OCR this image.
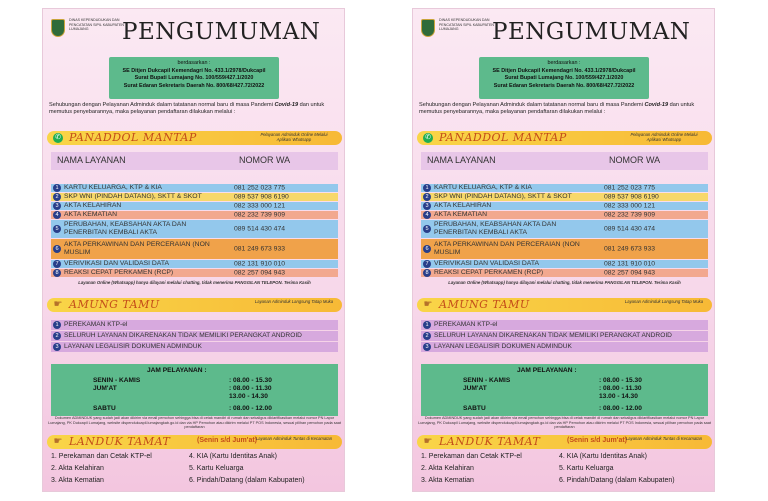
DINAS KEPENDUDUKAN DAN PENCATATAN SIPIL KABUPATEN LUMAJANG	PENGUMUMAN
berdasarkan :
SE Ditjen Dukcapil Kemendagri No. 433.1/2978/Dukcapil
Surat Bupati Lumajang No. 100/559/427.1/2020
Surat Edaran Sekretaris Daerah No. 800/68/427.72/2022
Sehubungan dengan Pelayanan Adminduk dalam tatatanan normal baru di masa Pandemi Covid-19 dan untuk memutus penyebarannya, maka pelayanan pendaftaran dilakukan melalui :
✆ PANADDOL MANTAP	Pelayanan Adminduk Online Melalui Aplikasi Whatsapp
NAMA LAYANAN	NOMOR WA
1 KARTU KELUARGA, KTP & KIA	081 252 023 775
2 SKP WNI (PINDAH DATANG), SKTT & SKOT	089 537 908 6190
3 AKTA KELAHIRAN	082 333 000 121
4 AKTA KEMATIAN	082 232 739 909
5
PERUBAHAN, KEABSAHAN AKTA DAN PENERBITAN KEMBALI AKTA	089 514 430 474
6
AKTA PERKAWINAN DAN PERCERAIAN (NON MUSLIM	081 249 673 933
7 VERIVIKASI DAN VALIDASI DATA	082 131 910 010
8 REAKSI CEPAT PERKAMEN (RCP)	082 257 094 943
Layanan Online (Whatsapp) hanya dilayani melalui chatting, tidak menerima PANGGILAN TELEPON. Terima Kasih
☛ AMUNG TAMU	Layanan Adminduk Langsung Tatap Muka
1 PEREKAMAN KTP-el
2 SELURUH LAYANAN DIKARENAKAN TIDAK MEMILIKI PERANGKAT ANDROID
3 LAYANAN LEGALISIR DOKUMEN ADMINDUK
JAM PELAYANAN :
SENIN - KAMIS	: 08.00 - 15.30
JUM'AT	: 08.00 - 11.30
13.00 - 14.30
SABTU	: 08.00 - 12.00
Dokumen ADMINDUK yang sudah jadi akan dikirim via email pemohon sehingga bisa di cetak mandiri di rumah dan sekaligus diklarifikasikan melalui nomor PN Lapor Lumajang, PK Dukcapil Lumajang, website dispendukcapil.lumajangkab.go.id dan via HP Pemohon atau dikirim melalui PT POS Indonesia, sesuai pilihan pemohon pada saat pendaftaran
☛ LANDUK TAMAT	(Senin s/d Jum'at)
Layanan Adminduk Tuntas di Kecamatan
1. Perekaman dan Cetak KTP-el	4. KIA (Kartu Identitas Anak)
2. Akta Kelahiran	5. Kartu Keluarga
3. Akta Kematian	6. Pindah/Datang (dalam Kabupaten)
DINAS KEPENDUDUKAN DAN PENCATATAN SIPIL KABUPATEN LUMAJANG	PENGUMUMAN
berdasarkan :
SE Ditjen Dukcapil Kemendagri No. 433.1/2978/Dukcapil
Surat Bupati Lumajang No. 100/559/427.1/2020
Surat Edaran Sekretaris Daerah No. 800/68/427.72/2022
Sehubungan dengan Pelayanan Adminduk dalam tatatanan normal baru di masa Pandemi Covid-19 dan untuk memutus penyebarannya, maka pelayanan pendaftaran dilakukan melalui :
✆ PANADDOL MANTAP	Pelayanan Adminduk Online Melalui Aplikasi Whatsapp
NAMA LAYANAN	NOMOR WA
1 KARTU KELUARGA, KTP & KIA	081 252 023 775
2 SKP WNI (PINDAH DATANG), SKTT & SKOT	089 537 908 6190
3 AKTA KELAHIRAN	082 333 000 121
4 AKTA KEMATIAN	082 232 739 909
5
PERUBAHAN, KEABSAHAN AKTA DAN PENERBITAN KEMBALI AKTA	089 514 430 474
6
AKTA PERKAWINAN DAN PERCERAIAN (NON MUSLIM	081 249 673 933
7 VERIVIKASI DAN VALIDASI DATA	082 131 910 010
8 REAKSI CEPAT PERKAMEN (RCP)	082 257 094 943
Layanan Online (Whatsapp) hanya dilayani melalui chatting, tidak menerima PANGGILAN TELEPON. Terima Kasih
☛ AMUNG TAMU	Layanan Adminduk Langsung Tatap Muka
1 PEREKAMAN KTP-el
2 SELURUH LAYANAN DIKARENAKAN TIDAK MEMILIKI PERANGKAT ANDROID
3 LAYANAN LEGALISIR DOKUMEN ADMINDUK
JAM PELAYANAN :
SENIN - KAMIS	: 08.00 - 15.30
JUM'AT	: 08.00 - 11.30
13.00 - 14.30
SABTU	: 08.00 - 12.00
Dokumen ADMINDUK yang sudah jadi akan dikirim via email pemohon sehingga bisa di cetak mandiri di rumah dan sekaligus diklarifikasikan melalui nomor PN Lapor Lumajang, PK Dukcapil Lumajang, website dispendukcapil.lumajangkab.go.id dan via HP Pemohon atau dikirim melalui PT POS Indonesia, sesuai pilihan pemohon pada saat pendaftaran
☛ LANDUK TAMAT	(Senin s/d Jum'at)
Layanan Adminduk Tuntas di Kecamatan
1. Perekaman dan Cetak KTP-el	4. KIA (Kartu Identitas Anak)
2. Akta Kelahiran	5. Kartu Keluarga
3. Akta Kematian	6. Pindah/Datang (dalam Kabupaten)
